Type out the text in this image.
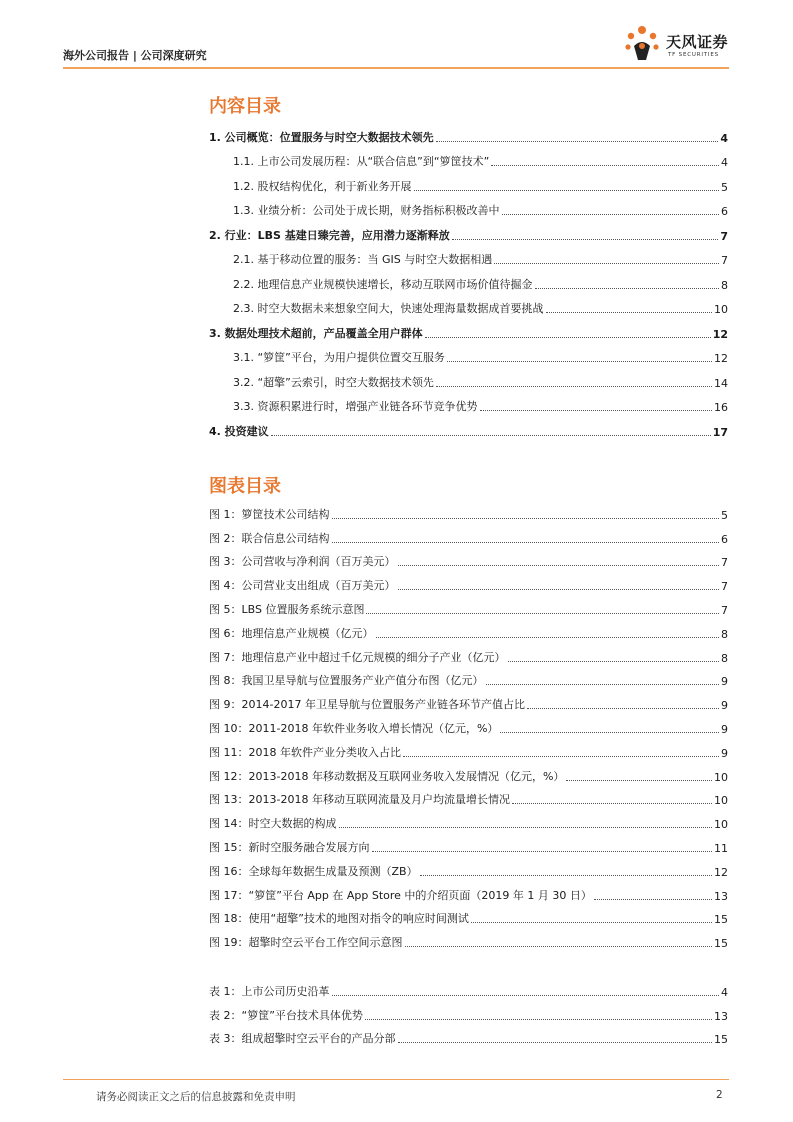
海外公司报告 | 公司深度研究
天风证券
TF SECURITIES
内容目录
1. 公司概览：位置服务与时空大数据技术领先	4
1.1. 上市公司发展历程：从“联合信息”到“箩筐技术”	4
1.2. 股权结构优化，利于新业务开展	5
1.3. 业绩分析：公司处于成长期，财务指标积极改善中	6
2. 行业：LBS 基建日臻完善，应用潜力逐渐释放	7
2.1. 基于移动位置的服务：当 GIS 与时空大数据相遇	7
2.2. 地理信息产业规模快速增长，移动互联网市场价值待掘金	8
2.3. 时空大数据未来想象空间大，快速处理海量数据成首要挑战	10
3. 数据处理技术超前，产品覆盖全用户群体	12
3.1. “箩筐”平台，为用户提供位置交互服务	12
3.2. “超擎”云索引，时空大数据技术领先	14
3.3. 资源积累进行时，增强产业链各环节竞争优势	16
4. 投资建议	17
图表目录
图 1：箩筐技术公司结构	5
图 2：联合信息公司结构	6
图 3：公司营收与净利润（百万美元）	7
图 4：公司营业支出组成（百万美元）	7
图 5：LBS 位置服务系统示意图	7
图 6：地理信息产业规模（亿元）	8
图 7：地理信息产业中超过千亿元规模的细分子产业（亿元）	8
图 8：我国卫星导航与位置服务产业产值分布图（亿元）	9
图 9：2014-2017 年卫星导航与位置服务产业链各环节产值占比	9
图 10：2011-2018 年软件业务收入增长情况（亿元，%）	9
图 11：2018 年软件产业分类收入占比	9
图 12：2013-2018 年移动数据及互联网业务收入发展情况（亿元，%）	10
图 13：2013-2018 年移动互联网流量及月户均流量增长情况	10
图 14：时空大数据的构成	10
图 15：新时空服务融合发展方向	11
图 16：全球每年数据生成量及预测（ZB）	12
图 17：“箩筐”平台 App 在 App Store 中的介绍页面（2019 年 1 月 30 日）	13
图 18：使用“超擎”技术的地图对指令的响应时间测试	15
图 19：超擎时空云平台工作空间示意图	15
表 1：上市公司历史沿革	4
表 2：“箩筐”平台技术具体优势	13
表 3：组成超擎时空云平台的产品分部	15
请务必阅读正文之后的信息披露和免责申明	2
